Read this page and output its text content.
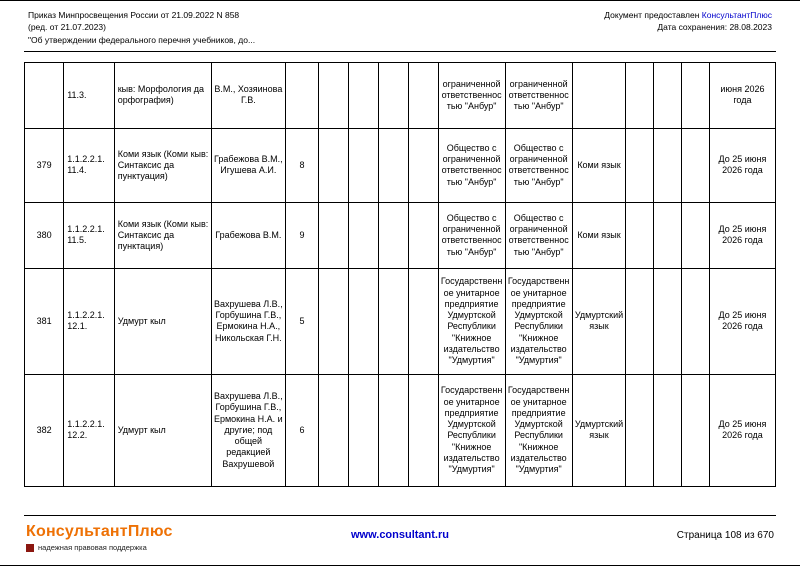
Приказ Минпросвещения России от 21.09.2022 N 858
(ред. от 21.07.2023)
"Об утверждении федерального перечня учебников, до...
Документ предоставлен КонсультантПлюс
Дата сохранения: 28.08.2023
	11.3.	кыв: Морфология да орфография)	В.М., Хозяинова Г.В.						ограниченной ответственностью "Анбур"	ограниченной ответственностью "Анбур"					июня 2026 года
379	1.1.2.2.1. 11.4.	Коми язык (Коми кыв: Синтаксис да пунктуация)	Грабежова В.М., Игушева А.И.	8					Общество с ограниченной ответственностью "Анбур"	Общество с ограниченной ответственностью "Анбур"	Коми язык				До 25 июня 2026 года
380	1.1.2.2.1. 11.5.	Коми язык (Коми кыв: Синтаксис да пунктация)	Грабежова В.М.	9					Общество с ограниченной ответственностью "Анбур"	Общество с ограниченной ответственностью "Анбур"	Коми язык				До 25 июня 2026 года
381	1.1.2.2.1. 12.1.	Удмурт кыл	Вахрушева Л.В., Горбушина Г.В., Ермокина Н.А., Никольская Г.Н.	5					Государственное унитарное предприятие Удмуртской Республики "Книжное издательство "Удмуртия"	Государственное унитарное предприятие Удмуртской Республики "Книжное издательство "Удмуртия"	Удмуртский язык				До 25 июня 2026 года
382	1.1.2.2.1. 12.2.	Удмурт кыл	Вахрушева Л.В., Горбушина Г.В., Ермокина Н.А. и другие; под общей редакцией Вахрушевой	6					Государственное унитарное предприятие Удмуртской Республики "Книжное издательство "Удмуртия"	Государственное унитарное предприятие Удмуртской Республики "Книжное издательство "Удмуртия"	Удмуртский язык				До 25 июня 2026 года
КонсультантПлюс
надежная правовая поддержка
www.consultant.ru	Страница 108 из 670
